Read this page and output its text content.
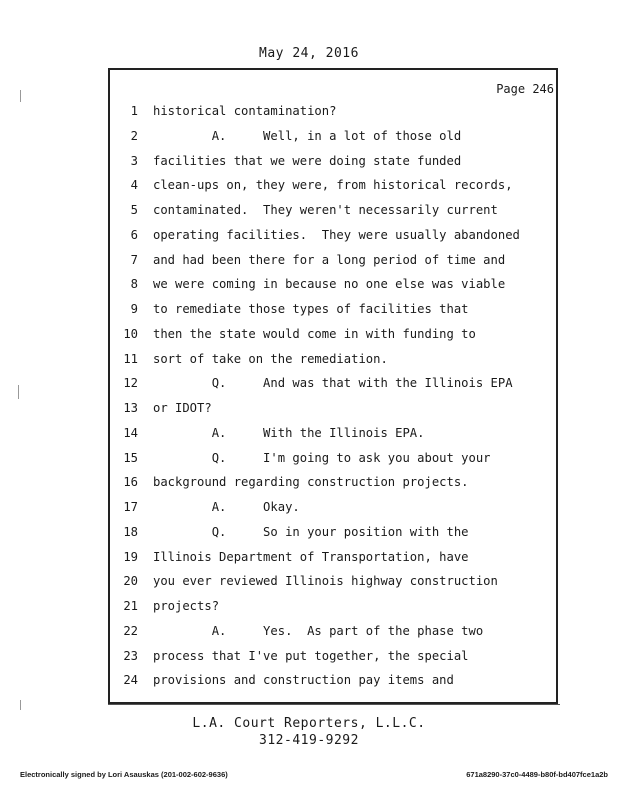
May 24, 2016
Page 246
1 historical contamination?
2 A.     Well, in a lot of those old
3 facilities that we were doing state funded
4 clean-ups on, they were, from historical records,
5 contaminated.  They weren't necessarily current
6 operating facilities.  They were usually abandoned
7 and had been there for a long period of time and
8 we were coming in because no one else was viable
9 to remediate those types of facilities that
10 then the state would come in with funding to
11 sort of take on the remediation.
12 Q.     And was that with the Illinois EPA
13 or IDOT?
14 A.     With the Illinois EPA.
15 Q.     I'm going to ask you about your
16 background regarding construction projects.
17 A.     Okay.
18 Q.     So in your position with the
19 Illinois Department of Transportation, have
20 you ever reviewed Illinois highway construction
21 projects?
22 A.     Yes.  As part of the phase two
23 process that I've put together, the special
24 provisions and construction pay items and
L.A. Court Reporters, L.L.C.
312-419-9292
Electronically signed by Lori Asauskas (201-002-602-9636)	671a8290-37c0-4489-b80f-bd407fce1a2b
